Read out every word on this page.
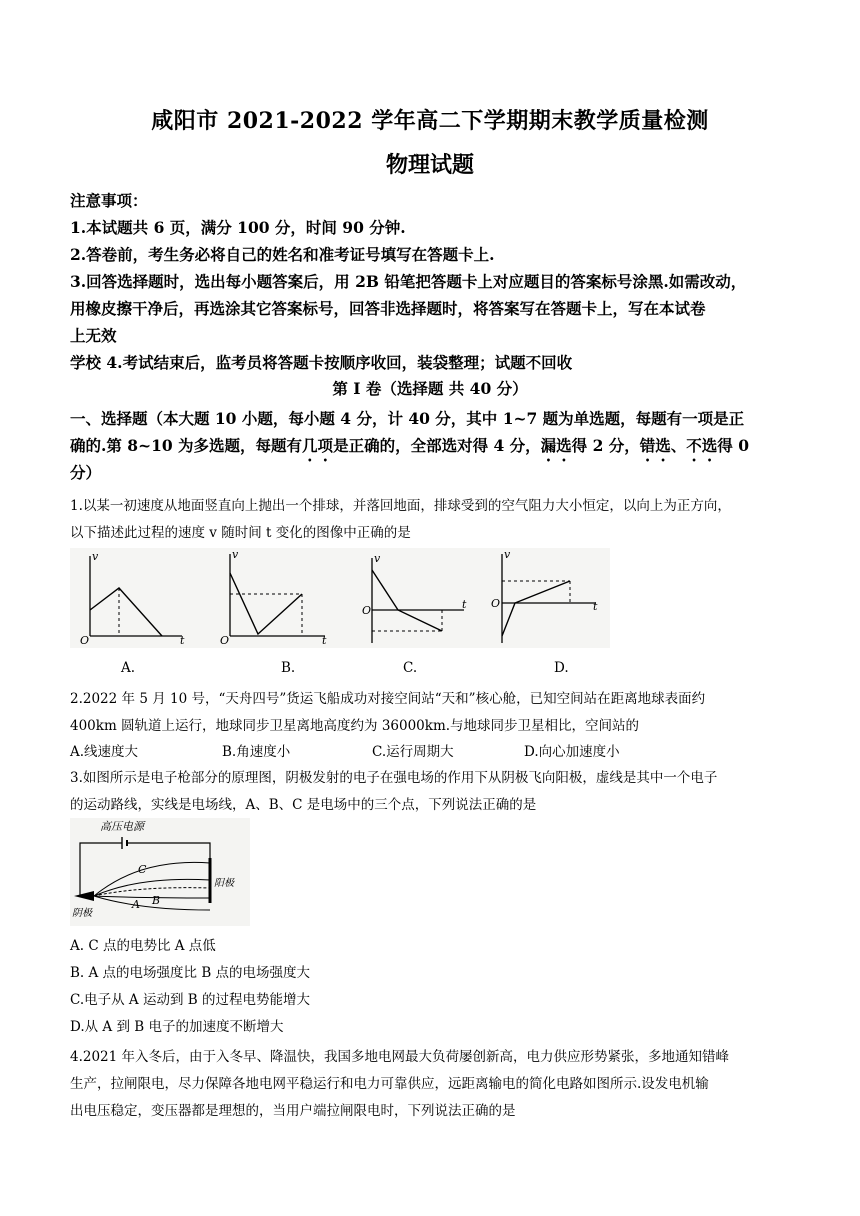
咸阳市 2021-2022 学年高二下学期期末教学质量检测
物理试题
注意事项：
1.本试题共 6 页，满分 100 分，时间 90 分钟.
2.答卷前，考生务必将自己的姓名和准考证号填写在答题卡上.
3.回答选择题时，选出每小题答案后，用 2B 铅笔把答题卡上对应题目的答案标号涂黑.如需改动，
用橡皮擦干净后，再选涂其它答案标号，回答非选择题时，将答案写在答题卡上，写在本试卷
上无效
学校 4.考试结束后，监考员将答题卡按顺序收回，装袋整理；试题不回收
第 I 卷（选择题 共 40 分）
一、选择题（本大题 10 小题，每小题 4 分，计 40 分，其中 1~7 题为单选题，每题有一项是正
确的.第 8~10 为多选题，每题有几项是正确的，全部选对得 4 分，漏选得 2 分，错选、不选得 0
分）
1.以某一初速度从地面竖直向上抛出一个排球，并落回地面，排球受到的空气阻力大小恒定，以向上为正方向，
以下描述此过程的速度 v 随时间 t 变化的图像中正确的是
v
O	t
v
O	t
v
O	t
v
O	t
A.	B.	C.	D.
2.2022 年 5 月 10 号，“天舟四号”货运飞船成功对接空间站“天和”核心舱，已知空间站在距离地球表面约
400km 圆轨道上运行，地球同步卫星离地高度约为 36000km.与地球同步卫星相比，空间站的
A.线速度大	B.角速度小	C.运行周期大	D.向心加速度小
3.如图所示是电子枪部分的原理图，阴极发射的电子在强电场的作用下从阴极飞向阳极，虚线是其中一个电子
的运动路线，实线是电场线，A、B、C 是电场中的三个点，下列说法正确的是
高压电源
C
A B
阳极
阴极
A. C 点的电势比 A 点低
B. A 点的电场强度比 B 点的电场强度大
C.电子从 A 运动到 B 的过程电势能增大
D.从 A 到 B 电子的加速度不断增大
4.2021 年入冬后，由于入冬早、降温快，我国多地电网最大负荷屡创新高，电力供应形势紧张，多地通知错峰
生产，拉闸限电，尽力保障各地电网平稳运行和电力可靠供应，远距离输电的简化电路如图所示.设发电机输
出电压稳定，变压器都是理想的，当用户端拉闸限电时，下列说法正确的是
